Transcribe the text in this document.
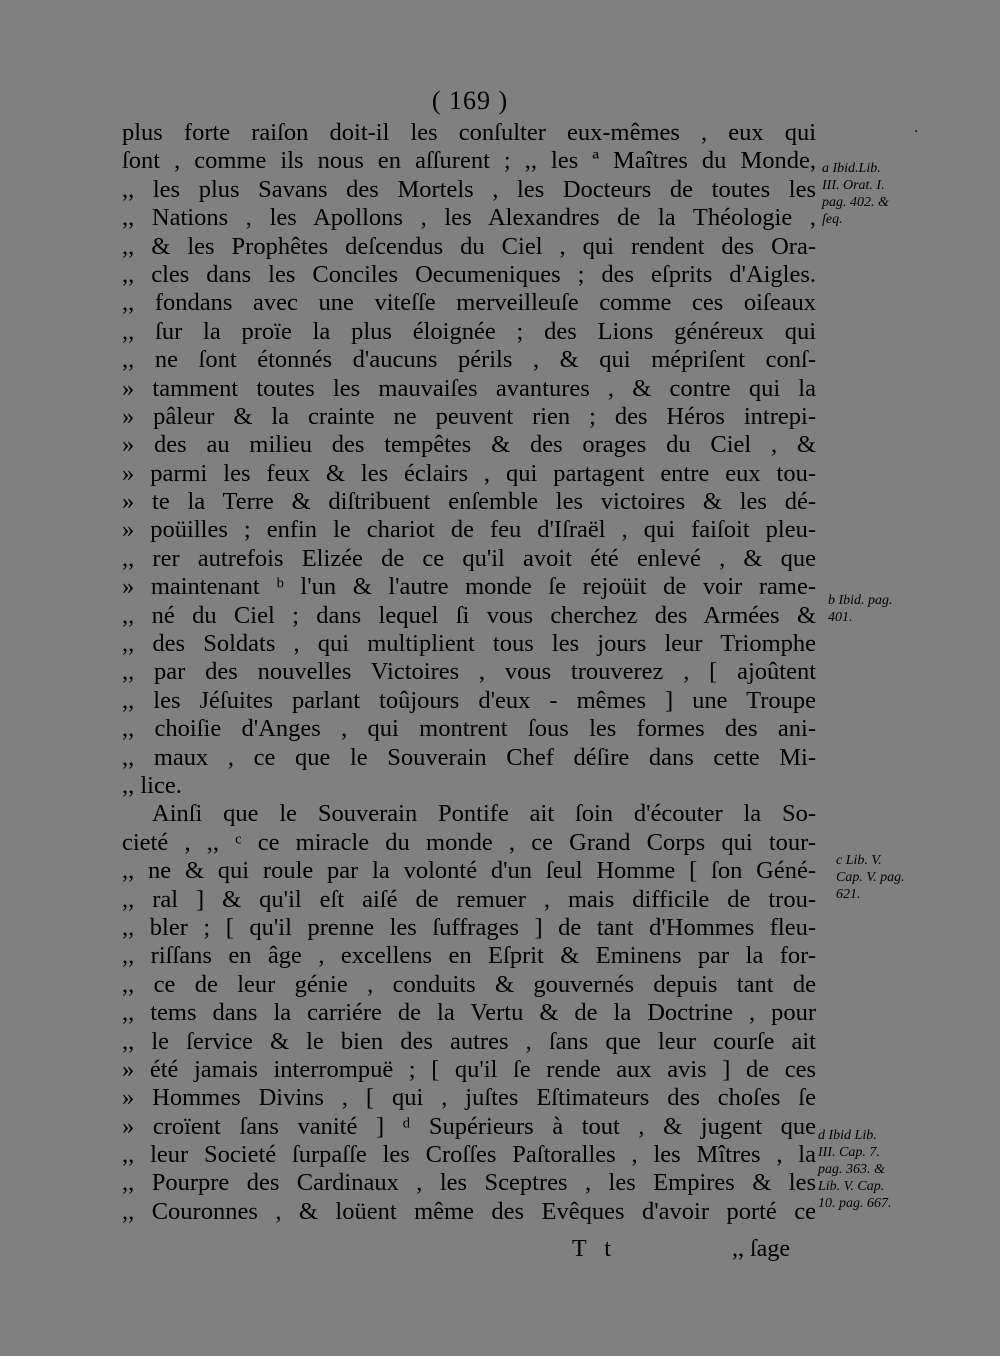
( 169 )
·
plus forte raiſon doit-il les conſulter eux-mêmes , eux qui
ſont , comme ils nous en aſſurent ; ,, les ª Maîtres du Monde,
,, les plus Savans des Mortels , les Docteurs de toutes les
,, Nations , les Apollons , les Alexandres de la Théologie ,
,, & les Prophêtes deſcendus du Ciel , qui rendent des Ora-
,, cles dans les Conciles Oecumeniques ; des eſprits d'Aigles.
,, fondans avec une viteſſe merveilleuſe comme ces oiſeaux
,, ſur la proïe la plus éloignée ; des Lions généreux qui
,, ne ſont étonnés d'aucuns périls , & qui mépriſent conſ-
» tamment toutes les mauvaiſes avantures , & contre qui la
» pâleur & la crainte ne peuvent rien ; des Héros intrepi-
» des au milieu des tempêtes & des orages du Ciel , &
» parmi les feux & les éclairs , qui partagent entre eux tou-
» te la Terre & diſtribuent enſemble les victoires & les dé-
» poüilles ; enfin le chariot de feu d'Iſraël , qui faiſoit pleu-
,, rer autrefois Elizée de ce qu'il avoit été enlevé , & que
» maintenant ᵇ l'un & l'autre monde ſe rejoüit de voir rame-
,, né du Ciel ; dans lequel ſi vous cherchez des Armées &
,, des Soldats , qui multiplient tous les jours leur Triomphe
,, par des nouvelles Victoires , vous trouverez , [ ajoûtent
,, les Jéſuites parlant toûjours d'eux - mêmes ] une Troupe
,, choiſie d'Anges , qui montrent ſous les formes des ani-
,, maux , ce que le Souverain Chef déſire dans cette Mi-
,, lice.
Ainſi que le Souverain Pontife ait ſoin d'écouter la So-
cieté , ,, ᶜ ce miracle du monde , ce Grand Corps qui tour-
,, ne & qui roule par la volonté d'un ſeul Homme [ ſon Géné-
,, ral ] & qu'il eſt aiſé de remuer , mais difficile de trou-
,, bler ; [ qu'il prenne les ſuffrages ] de tant d'Hommes fleu-
,, riſſans en âge , excellens en Eſprit & Eminens par la for-
,, ce de leur génie , conduits & gouvernés depuis tant de
,, tems dans la carriére de la Vertu & de la Doctrine , pour
,, le ſervice & le bien des autres , ſans que leur courſe ait
» été jamais interrompuë ; [ qu'il ſe rende aux avis ] de ces
» Hommes Divins , [ qui , juſtes Eſtimateurs des choſes ſe
» croïent ſans vanité ] ᵈ Supérieurs à tout , & jugent que
,, leur Societé ſurpaſſe les Croſſes Paſtoralles , les Mîtres , la
,, Pourpre des Cardinaux , les Sceptres , les Empires & les
,, Couronnes , & loüent même des Evêques d'avoir porté ce
a Ibid.Lib.
III. Orat. I.
pag. 402. &
ſeq.
b Ibid. pag.
401.
c Lib. V.
Cap. V. pag.
621.
d Ibid Lib.
III. Cap. 7.
pag. 363. &
Lib. V. Cap.
10. pag. 667.
T t	,, ſage
